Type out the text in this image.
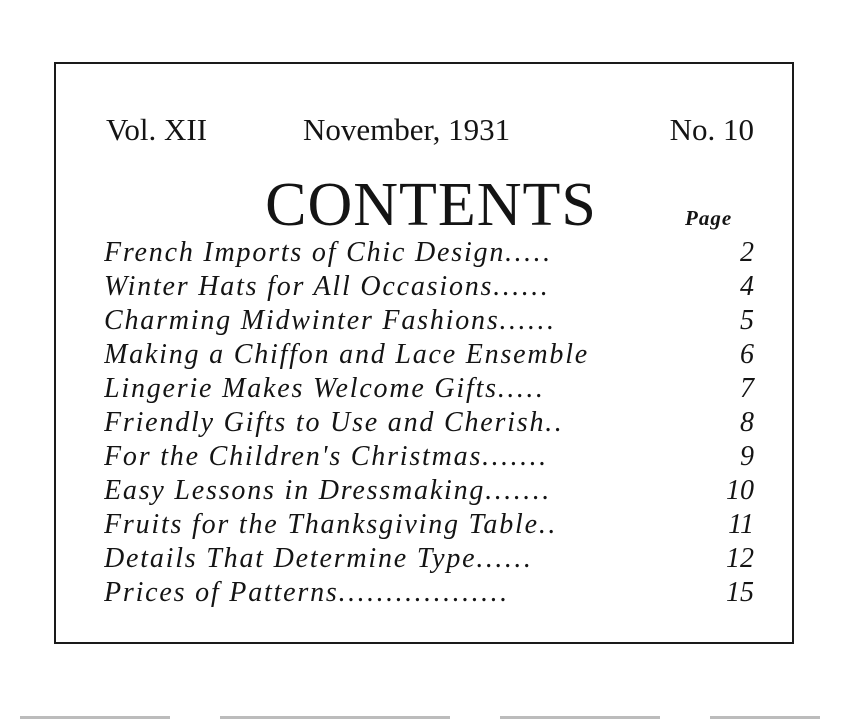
Vol. XII	November, 1931	No. 10
CONTENTS	Page
French Imports of Chic Design.....	2
Winter Hats for All Occasions......	4
Charming Midwinter Fashions......	5
Making a Chiffon and Lace Ensemble	6
Lingerie Makes Welcome Gifts.....	7
Friendly Gifts to Use and Cherish..	8
For the Children's Christmas.......	9
Easy Lessons in Dressmaking.......	10
Fruits for the Thanksgiving Table..	11
Details That Determine Type......	12
Prices of Patterns..................	15
